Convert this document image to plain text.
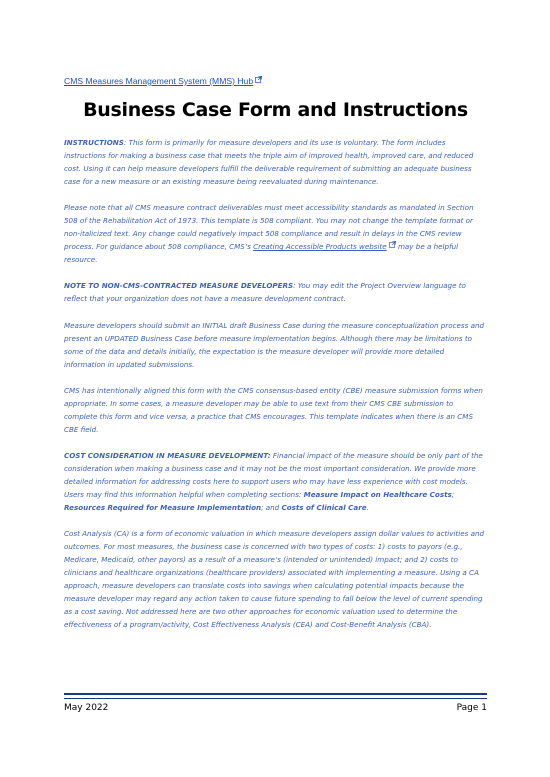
CMS Measures Management System (MMS) Hub
Business Case Form and Instructions

INSTRUCTIONS: This form is primarily for measure developers and its use is voluntary. The form includes instructions for making a business case that meets the triple aim of improved health, improved care, and reduced cost. Using it can help measure developers fulfill the deliverable requirement of submitting an adequate business case for a new measure or an existing measure being reevaluated during maintenance.

Please note that all CMS measure contract deliverables must meet accessibility standards as mandated in Section 508 of the Rehabilitation Act of 1973. This template is 508 compliant. You may not change the template format or non-italicized text. Any change could negatively impact 508 compliance and result in delays in the CMS review process. For guidance about 508 compliance, CMS’s Creating Accessible Products website may be a helpful resource.

NOTE TO NON-CMS-CONTRACTED MEASURE DEVELOPERS: You may edit the Project Overview language to reflect that your organization does not have a measure development contract.

Measure developers should submit an INITIAL draft Business Case during the measure conceptualization process and present an UPDATED Business Case before measure implementation begins. Although there may be limitations to some of the data and details initially, the expectation is the measure developer will provide more detailed information in updated submissions.

CMS has intentionally aligned this form with the CMS consensus-based entity (CBE) measure submission forms when appropriate. In some cases, a measure developer may be able to use text from their CMS CBE submission to complete this form and vice versa, a practice that CMS encourages. This template indicates when there is an CMS CBE field.

COST CONSIDERATION IN MEASURE DEVELOPMENT: Financial impact of the measure should be only part of the consideration when making a business case and it may not be the most important consideration. We provide more detailed information for addressing costs here to support users who may have less experience with cost models. Users may find this information helpful when completing sections: Measure Impact on Healthcare Costs; Resources Required for Measure Implementation; and Costs of Clinical Care.

Cost Analysis (CA) is a form of economic valuation in which measure developers assign dollar values to activities and outcomes. For most measures, the business case is concerned with two types of costs: 1) costs to payors (e.g., Medicare, Medicaid, other payors) as a result of a measure’s (intended or unintended) impact; and 2) costs to clinicians and healthcare organizations (healthcare providers) associated with implementing a measure. Using a CA approach, measure developers can translate costs into savings when calculating potential impacts because the measure developer may regard any action taken to cause future spending to fall below the level of current spending as a cost saving. Not addressed here are two other approaches for economic valuation used to determine the effectiveness of a program/activity, Cost Effectiveness Analysis (CEA) and Cost-Benefit Analysis (CBA).

May 2022	Page 1
